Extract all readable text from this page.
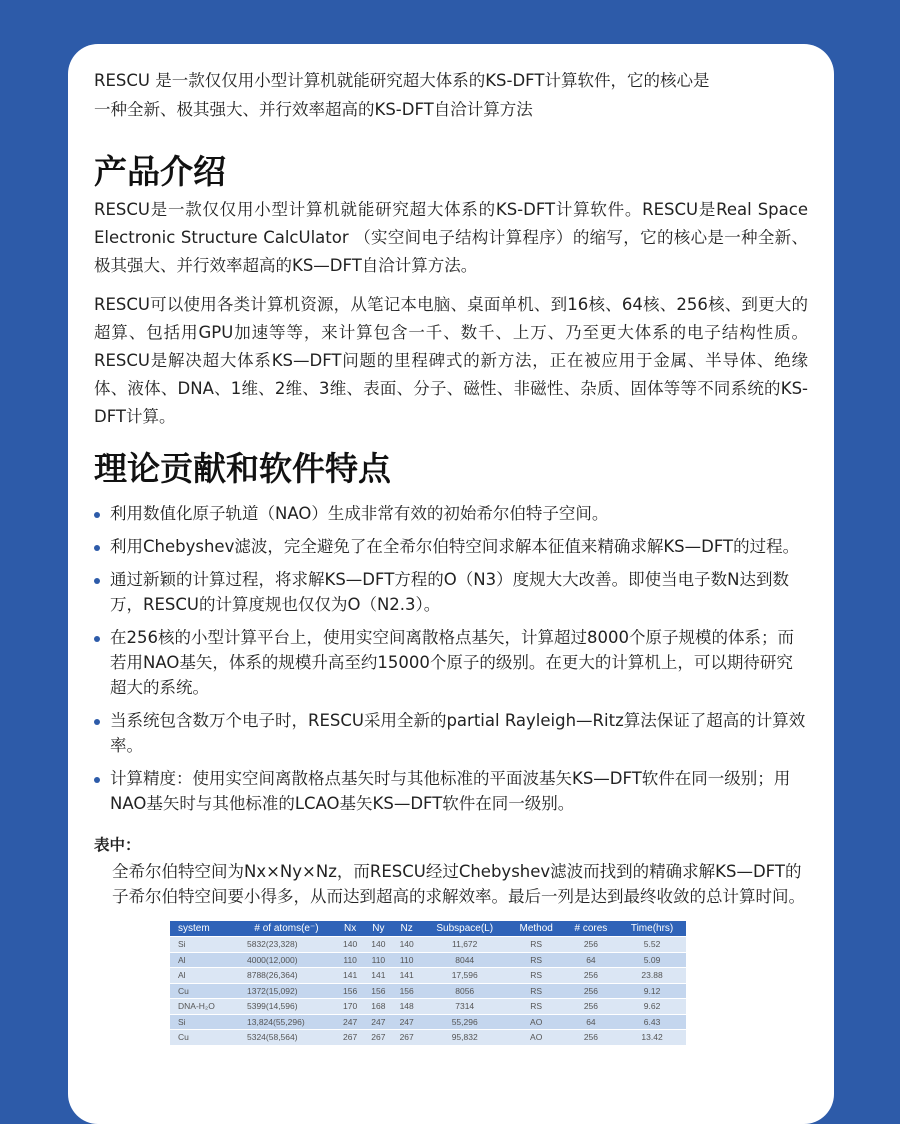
RESCU 是一款仅仅用小型计算机就能研究超大体系的KS-DFT计算软件，它的核心是

一种全新、极其强大、并行效率超高的KS-DFT自洽计算方法

产品介绍

RESCU是一款仅仅用小型计算机就能研究超大体系的KS-DFT计算软件。RESCU是Real Space Electronic Structure CalcUlator （实空间电子结构计算程序）的缩写，它的核心是一种全新、极其强大、并行效率超高的KS—DFT自洽计算方法。

RESCU可以使用各类计算机资源，从笔记本电脑、桌面单机、到16核、64核、256核、到更大的超算、包括用GPU加速等等，来计算包含一千、数千、上万、乃至更大体系的电子结构性质。RESCU是解决超大体系KS—DFT问题的里程碑式的新方法，正在被应用于金属、半导体、绝缘体、液体、DNA、1维、2维、3维、表面、分子、磁性、非磁性、杂质、固体等等不同系统的KS-DFT计算。

理论贡献和软件特点
利用数值化原子轨道（NAO）生成非常有效的初始希尔伯特子空间。
利用Chebyshev滤波，完全避免了在全希尔伯特空间求解本征值来精确求解KS—DFT的过程。
通过新颖的计算过程，将求解KS—DFT方程的O（N3）度规大大改善。即使当电子数N达到数万，RESCU的计算度规也仅仅为O（N2.3）。
在256核的小型计算平台上，使用实空间离散格点基矢，计算超过8000个原子规模的体系；而若用NAO基矢，体系的规模升高至约15000个原子的级别。在更大的计算机上，可以期待研究超大的系统。
当系统包含数万个电子时，RESCU采用全新的partial Rayleigh—Ritz算法保证了超高的计算效率。
计算精度：使用实空间离散格点基矢时与其他标准的平面波基矢KS—DFT软件在同一级别；用NAO基矢时与其他标准的LCAO基矢KS—DFT软件在同一级别。

表中：

全希尔伯特空间为Nx×Ny×Nz，而RESCU经过Chebyshev滤波而找到的精确求解KS—DFT的子希尔伯特空间要小得多，从而达到超高的求解效率。最后一列是达到最终收敛的总计算时间。

system	# of atoms(e⁻)	Nx	Ny	Nz	Subspace(L)	Method	# cores	Time(hrs)
Si	5832(23,328)	140	140	140	11,672	RS	256	5.52
Al	4000(12,000)	110	110	110	8044	RS	64	5.09
Al	8788(26,364)	141	141	141	17,596	RS	256	23.88
Cu	1372(15,092)	156	156	156	8056	RS	256	9.12
DNA-H₂O	5399(14,596)	170	168	148	7314	RS	256	9.62
Si	13,824(55,296)	247	247	247	55,296	AO	64	6.43
Cu	5324(58,564)	267	267	267	95,832	AO	256	13.42
